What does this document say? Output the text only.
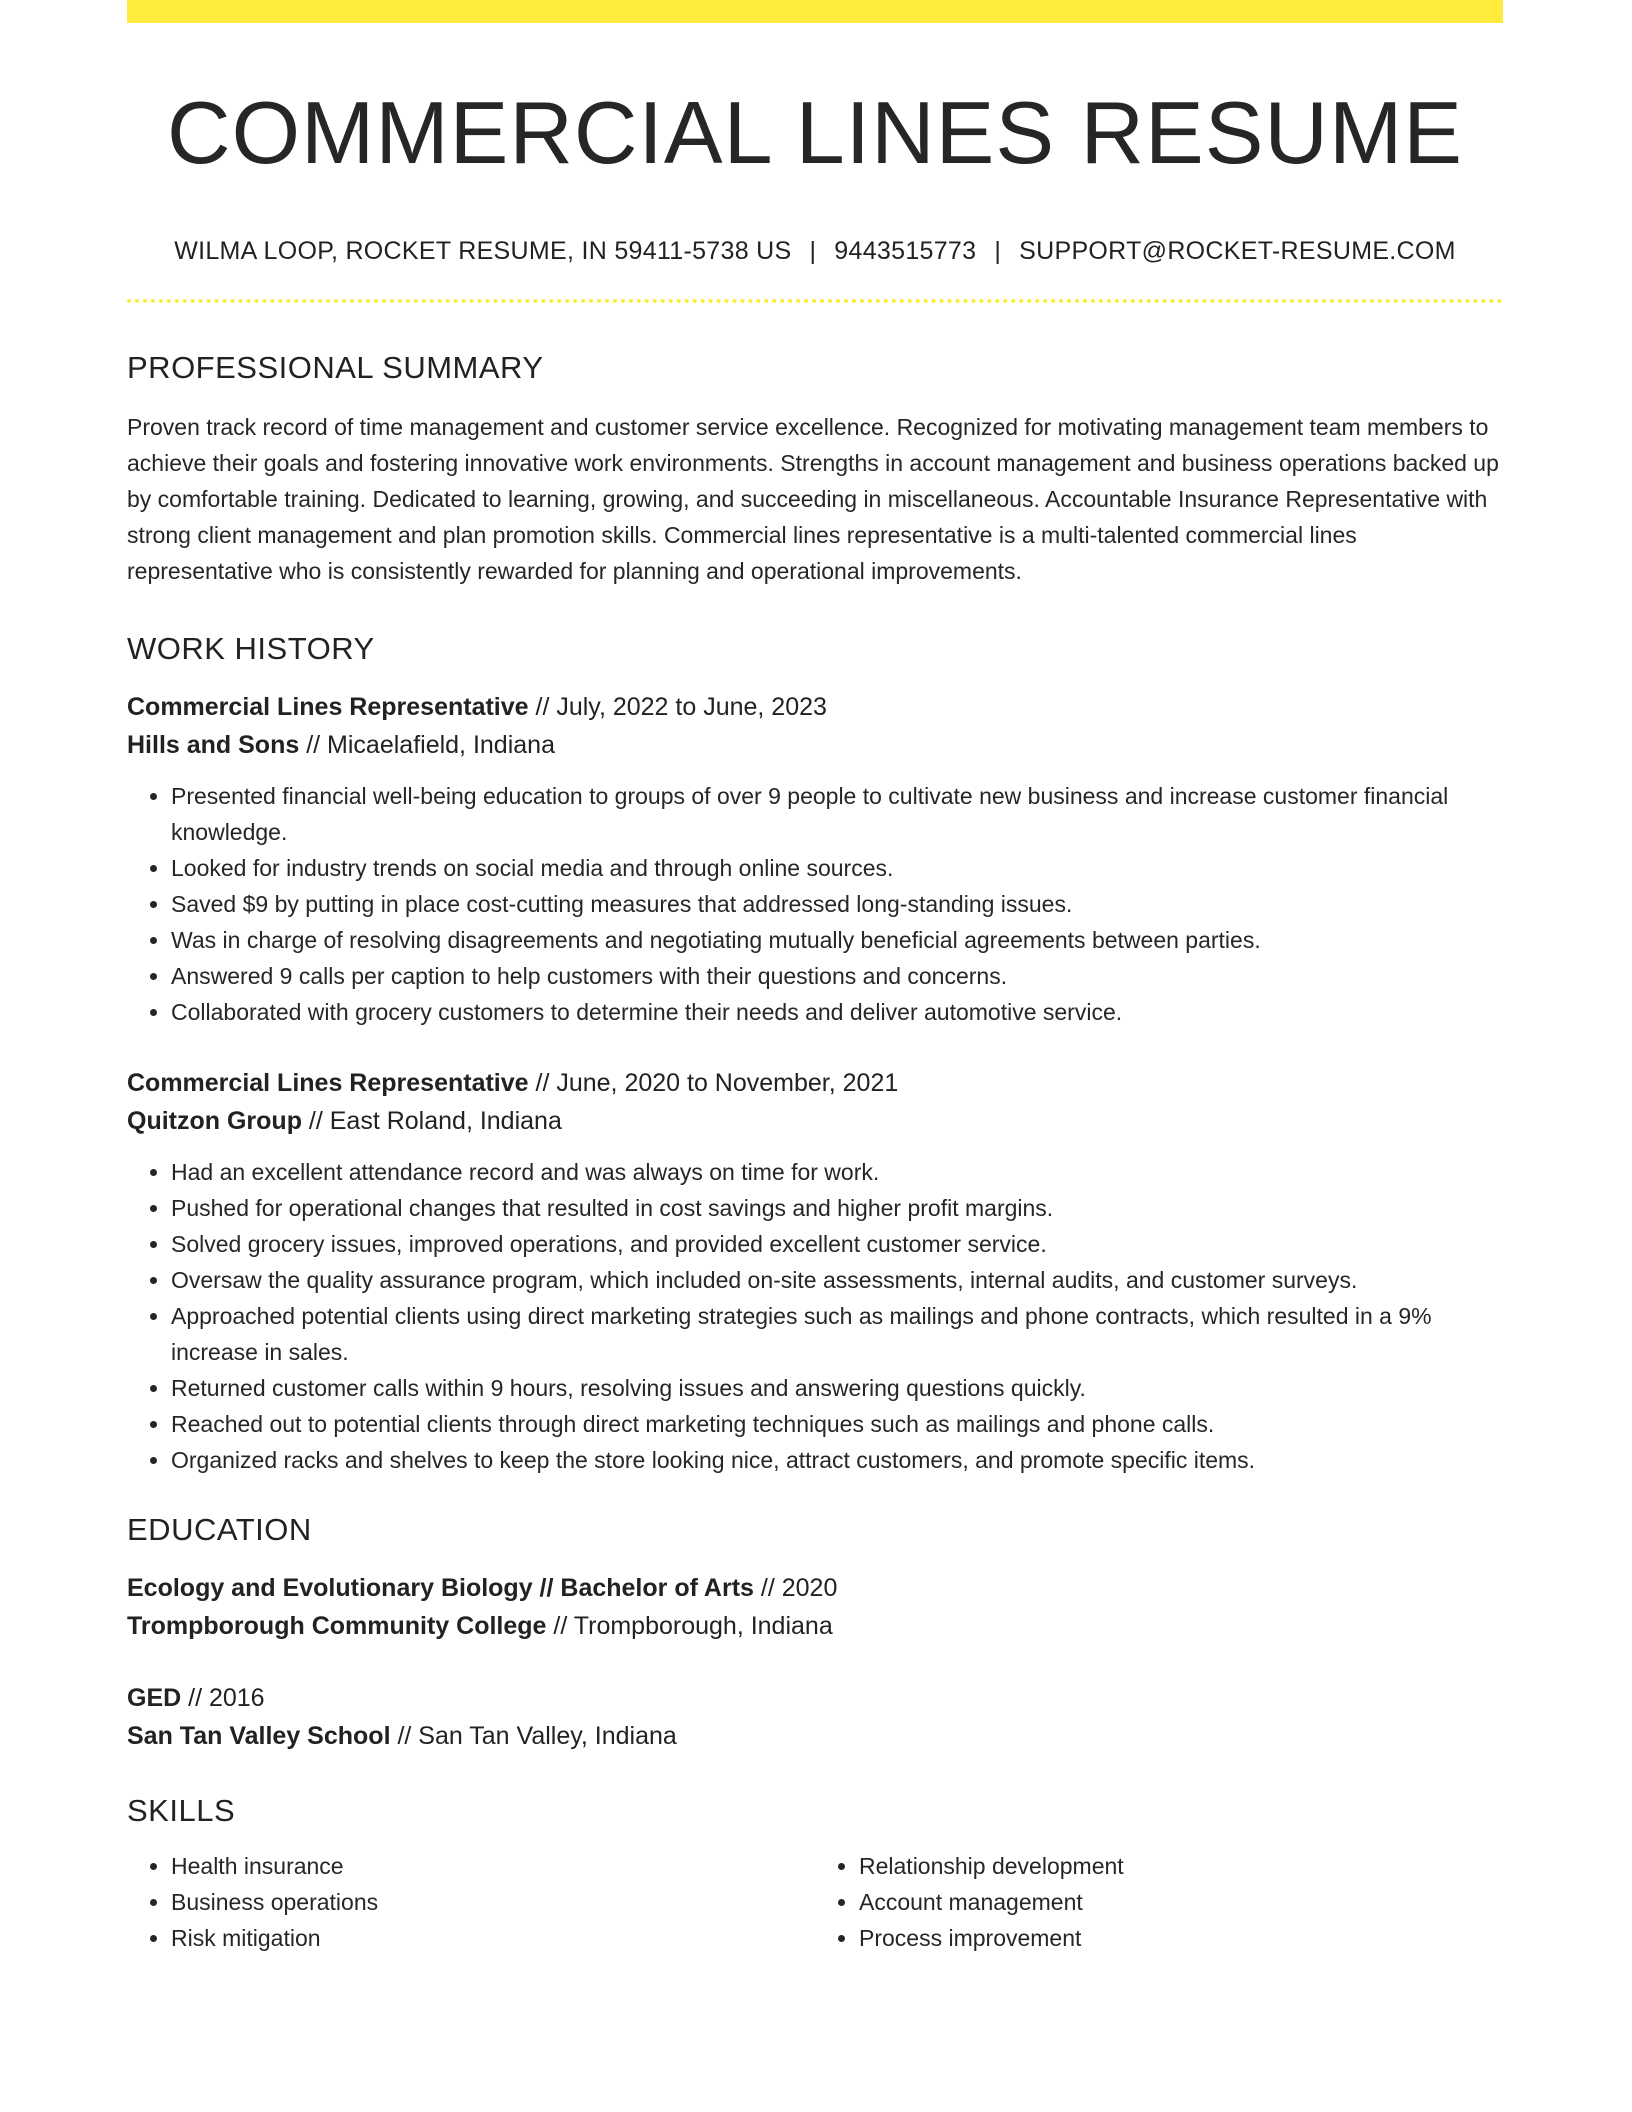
COMMERCIAL LINES RESUME
WILMA LOOP, ROCKET RESUME, IN 59411-5738 US | 9443515773 | SUPPORT@ROCKET-RESUME.COM
PROFESSIONAL SUMMARY
Proven track record of time management and customer service excellence. Recognized for motivating management team members to achieve their goals and fostering innovative work environments. Strengths in account management and business operations backed up by comfortable training. Dedicated to learning, growing, and succeeding in miscellaneous. Accountable Insurance Representative with strong client management and plan promotion skills. Commercial lines representative is a multi-talented commercial lines representative who is consistently rewarded for planning and operational improvements.
WORK HISTORY
Commercial Lines Representative // July, 2022 to June, 2023
Hills and Sons // Micaelafield, Indiana
• Presented financial well-being education to groups of over 9 people to cultivate new business and increase customer financial knowledge.
• Looked for industry trends on social media and through online sources.
• Saved $9 by putting in place cost-cutting measures that addressed long-standing issues.
• Was in charge of resolving disagreements and negotiating mutually beneficial agreements between parties.
• Answered 9 calls per caption to help customers with their questions and concerns.
• Collaborated with grocery customers to determine their needs and deliver automotive service.
Commercial Lines Representative // June, 2020 to November, 2021
Quitzon Group // East Roland, Indiana
• Had an excellent attendance record and was always on time for work.
• Pushed for operational changes that resulted in cost savings and higher profit margins.
• Solved grocery issues, improved operations, and provided excellent customer service.
• Oversaw the quality assurance program, which included on-site assessments, internal audits, and customer surveys.
• Approached potential clients using direct marketing strategies such as mailings and phone contracts, which resulted in a 9% increase in sales.
• Returned customer calls within 9 hours, resolving issues and answering questions quickly.
• Reached out to potential clients through direct marketing techniques such as mailings and phone calls.
• Organized racks and shelves to keep the store looking nice, attract customers, and promote specific items.
EDUCATION
Ecology and Evolutionary Biology // Bachelor of Arts // 2020
Trompborough Community College // Trompborough, Indiana
GED // 2016
San Tan Valley School // San Tan Valley, Indiana
SKILLS
• Health insurance
• Business operations
• Risk mitigation
• Relationship development
• Account management
• Process improvement
